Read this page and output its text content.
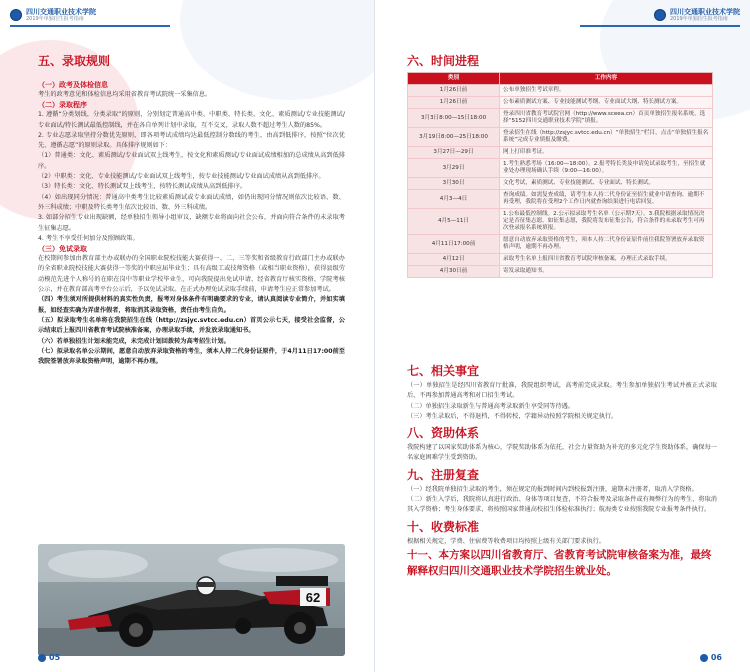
四川交通职业技术学院
2019年单独招生报考指南
五、录取规则
（一）政考及体检信息

考生的政考意见和体检信息均采用省教育考试院统一采集信息。

（二）录取程序

1. 遵循“分类划线，分类录取”的原则，分别划定普通高中类、中职类、特长类、文化、素质测试/专业技能测试/专业面试/特长测试最低控制线，并在各自单列计划中录取，互不交叉，录取人数不超过考生人数的85%。

2. 专业志愿录取坚持分数优先原则，即各项考试成绩均达最低控制分数线的考生，由高到低排序，按照“位次优先、遵循志愿”的原则录取。具体排序规则如下：

（1）普通类：文化、素质测试/专业面试双上线考生，按文化和素质测试/专业面试成绩相加的总成绩从高到低排序。

（2）中职类：文化、专业技能测试/专业面试双上线考生，按专业技能测试/专业面试成绩从高到低排序。

（3）特长类：文化、特长测试双上线考生，按特长测试成绩从高到低排序。

（4）如出现同分情况：普通高中类考生比较素质测试或专业面试成绩，如仍出现同分情况则依次比较语、数、外三科成绩；中职及特长类考生依次比较语、数、外三科成绩。

3. 如部分招生专业出现缺额，经单独招生领导小组审议，缺额专业将面向社会公布，并面向符合条件的未录取考生征集志愿。

4. 考生不享受任何加分及照顾政策。

（三）免试录取

在校期间参加由教育部主办或联办的全国职业院校技能大赛获得一、二、三等奖和省级教育行政部门主办或联办的全省职业院校技能大赛获得一等奖的中职应届毕业生；具有高级工或技师资格（或相当职业资格），获得县级劳动模范先进个人称号的在职在岗中等职业学校毕业生，可向我院提出免试申请，经省教育厅核实资格、学院考核公示，并在教育部高考平台公示后，予以免试录取。在正式办理免试录取手续前，申请考生应正常参加考试。

（四）考生须对所提供材料的真实性负责，报考对身体条件有明确要求的专业，请认真阅读专业简介，并如实填报，如经查实确为弄虚作假者，将取消其录取资格，责任由考生自负。

（五）拟录取考生名单将在我院招生在线（http://zsjyc.svtcc.edu.cn）首页公示七天，接受社会监督，公示结束后上报四川省教育考试院核准备案，办理录取手续，并发放录取通知书。

（六）若单独招生计划未能完成，未完成计划回拨转为高考招生计划。

（七）拟录取名单公示期间，愿意自动放弃录取资格的考生，须本人持二代身份证原件，于4月11日17:00前至我院签署放弃录取资格声明，逾期不再办理。

62
05
四川交通职业技术学院
2019年单独招生报考指南
六、时间进程
类别	工作内容
1月26日前	公布单独招生考试章程。
1月26日前	公布素质测试方案、专业技能测试考纲、专业面试大纲、特长测试方案。
3月3日8:00—15日18:00	登录四川省教育考试院官网（http://www.sceea.cn）首页单独招生报名系统，选择“5152四川交通职业技术学院”填报。
3月19日8:00—25日18:00	登录招生在线（http://zsjyc.svtcc.edu.cn）“单独招生”栏目，点击“单独招生报名系统”完成专业填报及缴费。
3月27日—29日	网上打印准考证。
3月29日	1.考生熟悉考场（16:00—18:00）。2.报考特长类及申请免试录取考生，至招生就业处办理现场确认手续（9:00—16:00）。
3月30日	文化考试，素质测试、专业技能测试、专业面试、特长测试。
4月3—4日	查询成绩。如需复查成绩，请考生本人持二代身份证至招生就业中请查询，逾期不再受理，我院将在受理2个工作日内就查询结果进行电话回复。
4月5—11日	1.公布最低控制线。2.公示拟录取考生名单（公示期7天）。3.我院根据录取情况决定是否征集志愿，如征集志愿，我院将发布征集公告，符合条件的未录取考生可再次登录报名系统填报。
4月11日17:00前	愿意自动放弃录取资格的考生，须本人持二代身份证原件前往我院签署放弃录取资格声明，逾期不再办理。
4月12日	录取考生名单上报四川省教育考试院审核备案，办理正式录取手续。
4月30日前	寄发录取通知书。
七、相关事宜

（一）单独招生是经四川省教育厅批准，我院组织考试，高考前完成录取。考生参加单独招生考试并被正式录取后，不再参加普通高考和对口招生考试。

（二）单独招生录取新生与普通高考录取新生享受同等待遇。

（三）考生录取后，不得退档，不得转校，学籍异动按照学院相关规定执行。

八、资助体系

我院构建了以国家奖助体系为核心，学院奖助体系为依托，社会力量资助为补充的多元化学生资助体系，确保每一名家庭困难学生受到资助。

九、注册复查

（一）经我院单独招生录取的考生，须在规定的报到时间内到校报到注册，逾期未注册者，取消入学资格。

（二）新生入学后，我院将认真进行政治、身体等项目复查，不符合报考及录取条件或有舞弊行为的考生，将取消其入学资格；考生身体要求，将按照国家普通高校招生体检标准执行；航海类专业按照我院专业报考条件执行。

十、收费标准

根据相关规定，学费、住宿费等收费项目均按照上级有关部门要求执行。

十一、本方案以四川省教育厅、省教育考试院审核备案为准，最终解释权归四川交通职业技术学院招生就业处。

06
